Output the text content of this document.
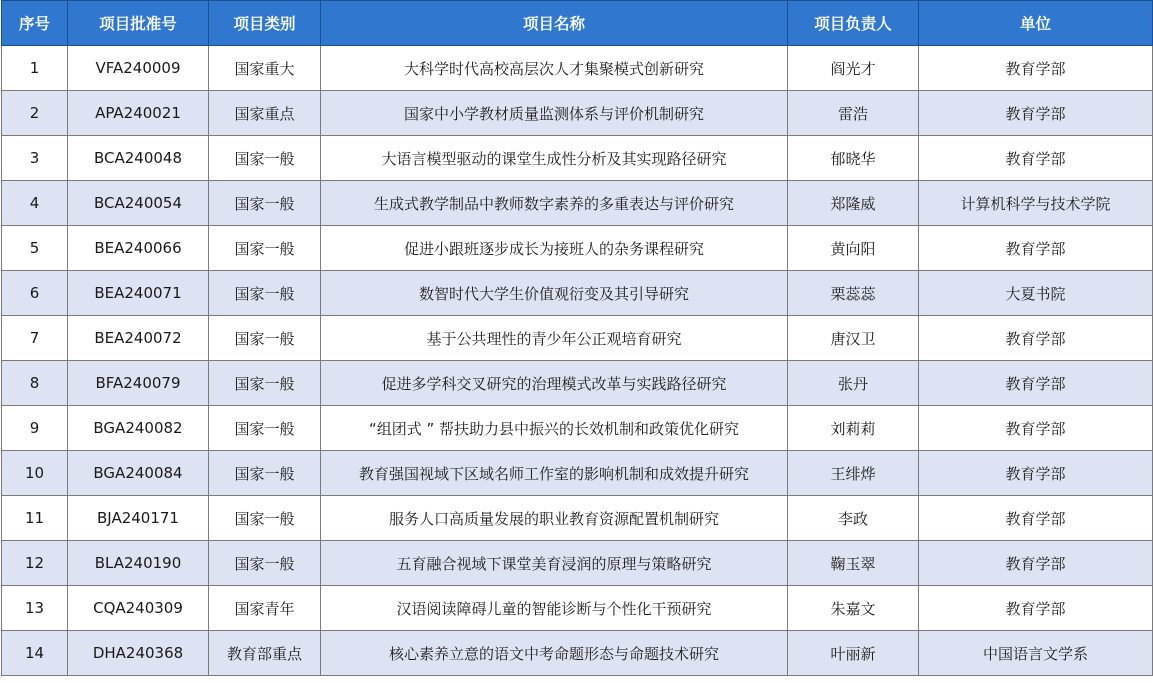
序号	项目批准号	项目类别	项目名称	项目负责人	单位
1	VFA240009	国家重大	大科学时代高校高层次人才集聚模式创新研究	阎光才	教育学部
2	APA240021	国家重点	国家中小学教材质量监测体系与评价机制研究	雷浩	教育学部
3	BCA240048	国家一般	大语言模型驱动的课堂生成性分析及其实现路径研究	郁晓华	教育学部
4	BCA240054	国家一般	生成式教学制品中教师数字素养的多重表达与评价研究	郑隆威	计算机科学与技术学院
5	BEA240066	国家一般	促进小跟班逐步成长为接班人的杂务课程研究	黄向阳	教育学部
6	BEA240071	国家一般	数智时代大学生价值观衍变及其引导研究	栗蕊蕊	大夏书院
7	BEA240072	国家一般	基于公共理性的青少年公正观培育研究	唐汉卫	教育学部
8	BFA240079	国家一般	促进多学科交叉研究的治理模式改革与实践路径研究	张丹	教育学部
9	BGA240082	国家一般	“组团式 ” 帮扶助力县中振兴的长效机制和政策优化研究	刘莉莉	教育学部
10	BGA240084	国家一般	教育强国视域下区域名师工作室的影响机制和成效提升研究	王绯烨	教育学部
11	BJA240171	国家一般	服务人口高质量发展的职业教育资源配置机制研究	李政	教育学部
12	BLA240190	国家一般	五育融合视域下课堂美育浸润的原理与策略研究	鞠玉翠	教育学部
13	CQA240309	国家青年	汉语阅读障碍儿童的智能诊断与个性化干预研究	朱嘉文	教育学部
14	DHA240368	教育部重点	核心素养立意的语文中考命题形态与命题技术研究	叶丽新	中国语言文学系
